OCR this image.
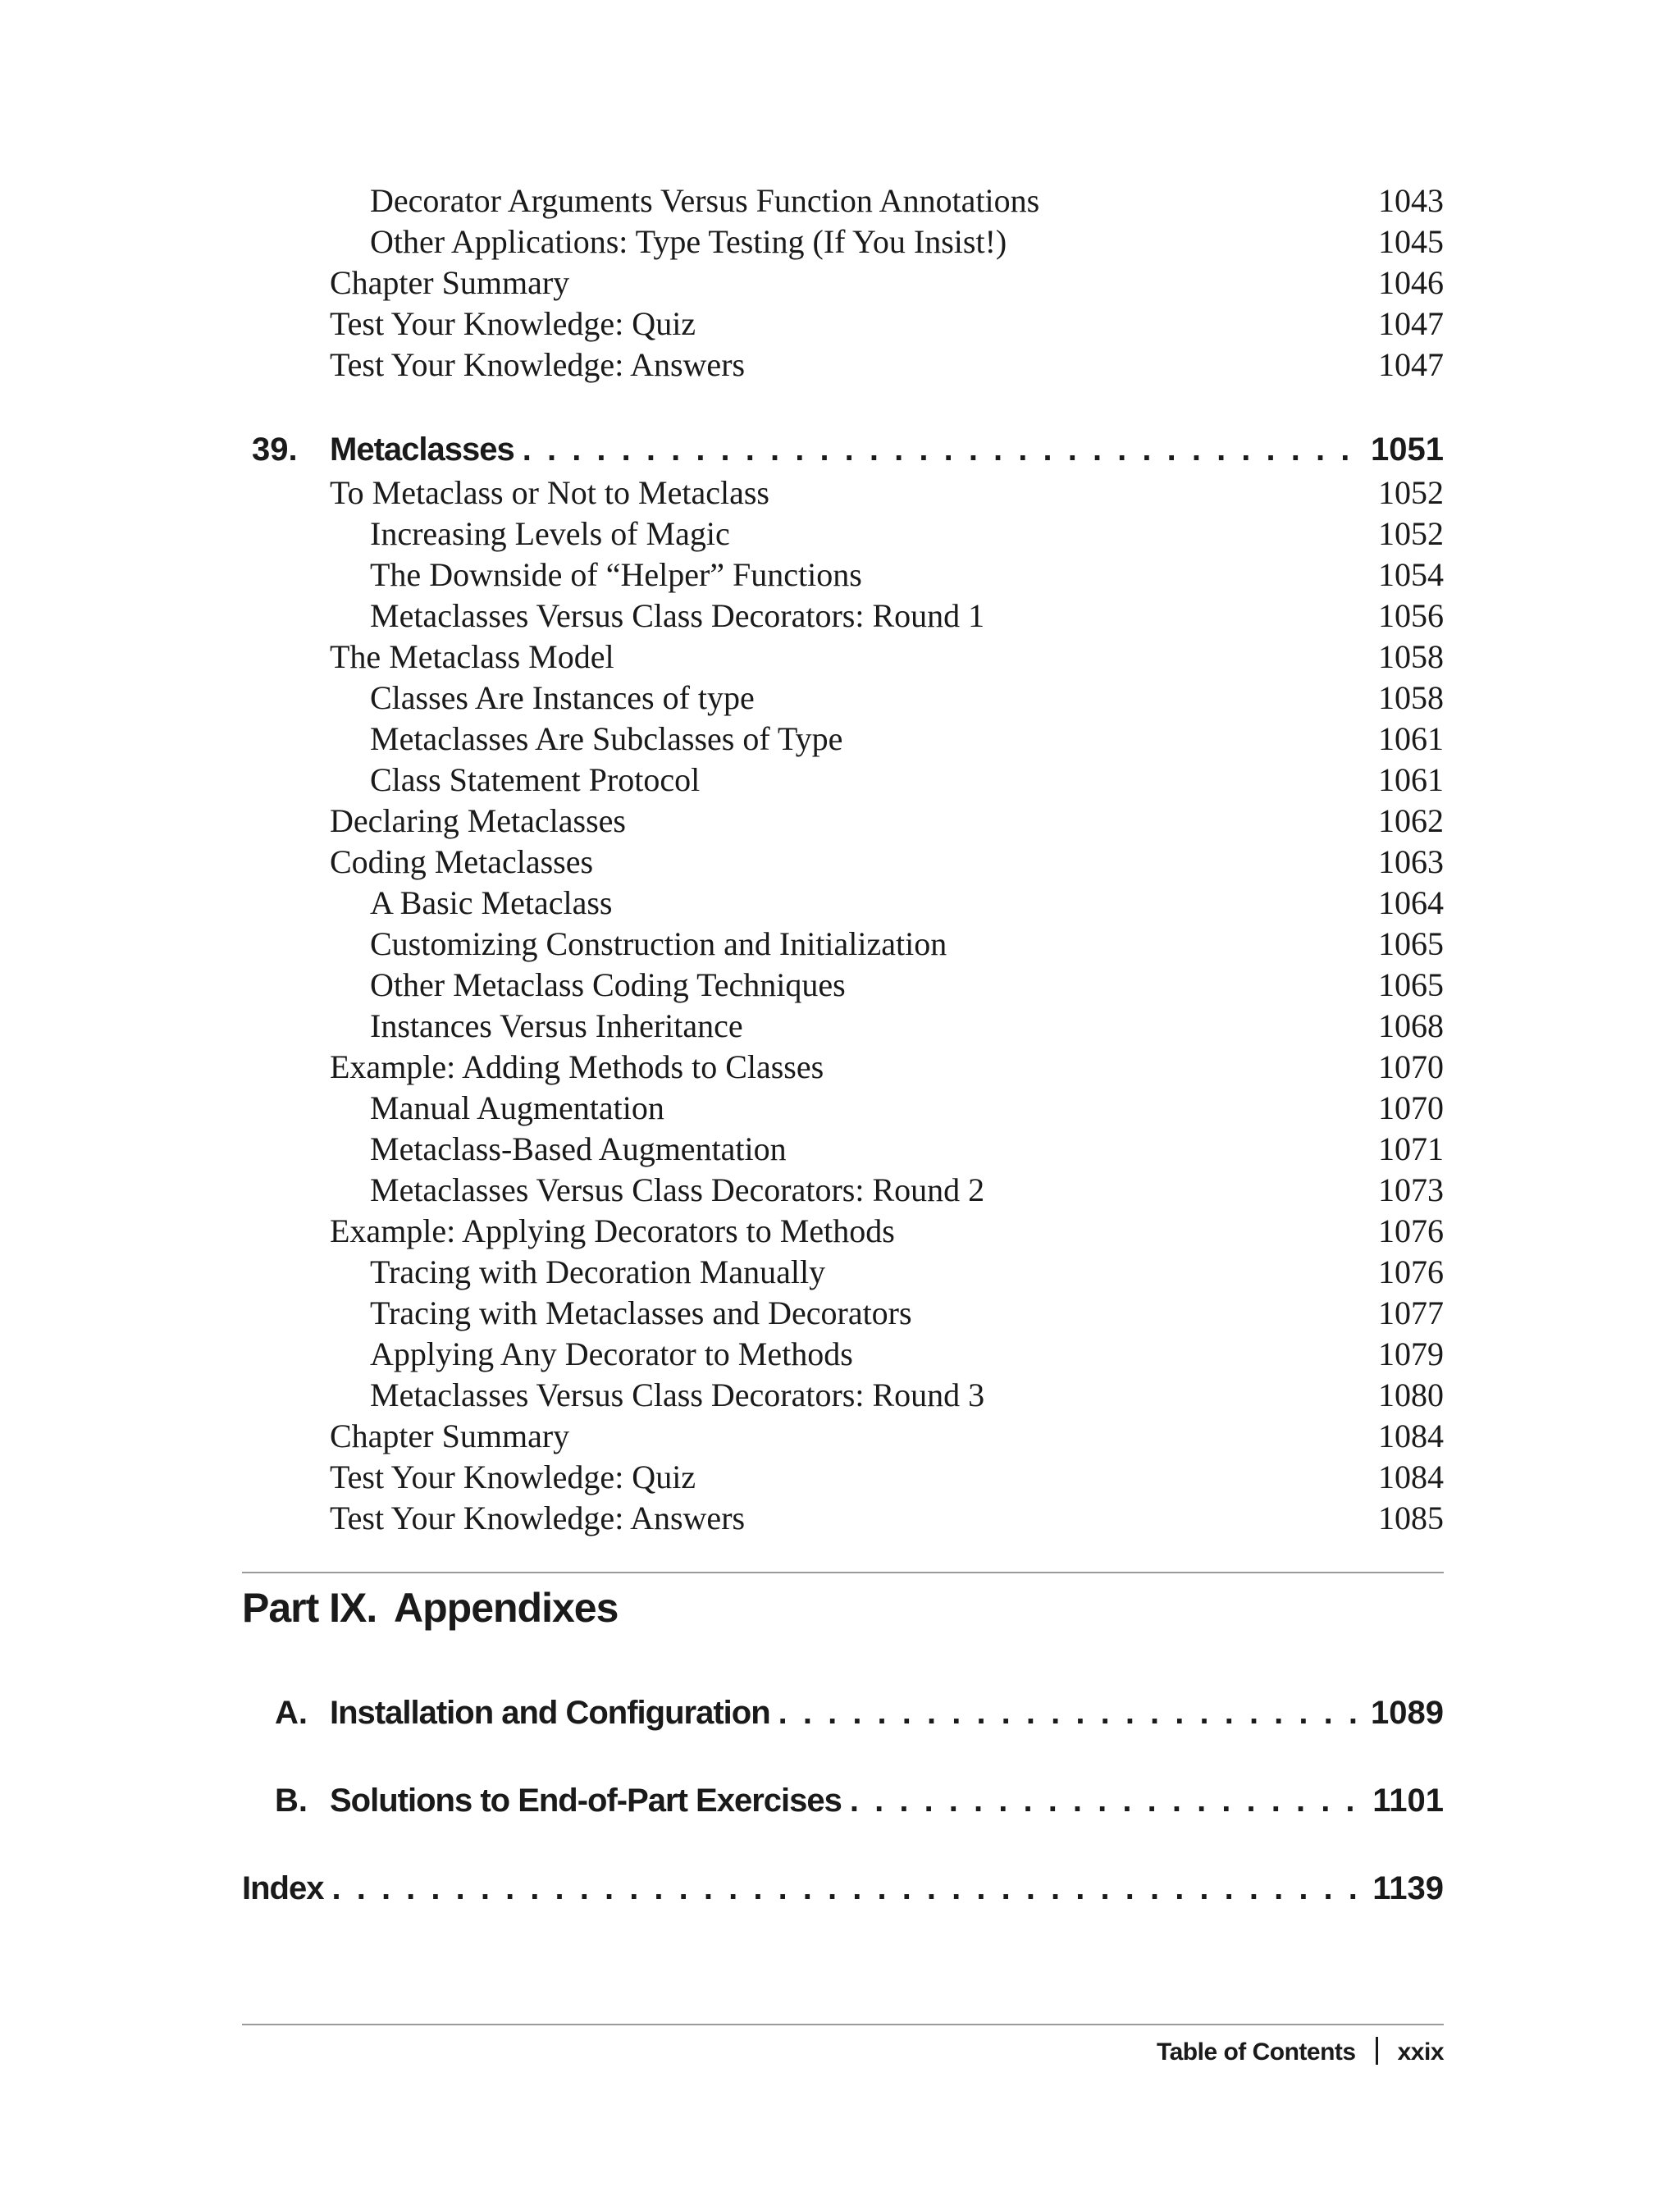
Decorator Arguments Versus Function Annotations	1043
Other Applications: Type Testing (If You Insist!)	1045
Chapter Summary	1046
Test Your Knowledge: Quiz	1047
Test Your Knowledge: Answers	1047
39. Metaclasses . . .	1051
To Metaclass or Not to Metaclass	1052
Increasing Levels of Magic	1052
The Downside of “Helper” Functions	1054
Metaclasses Versus Class Decorators: Round 1	1056
The Metaclass Model	1058
Classes Are Instances of type	1058
Metaclasses Are Subclasses of Type	1061
Class Statement Protocol	1061
Declaring Metaclasses	1062
Coding Metaclasses	1063
A Basic Metaclass	1064
Customizing Construction and Initialization	1065
Other Metaclass Coding Techniques	1065
Instances Versus Inheritance	1068
Example: Adding Methods to Classes	1070
Manual Augmentation	1070
Metaclass-Based Augmentation	1071
Metaclasses Versus Class Decorators: Round 2	1073
Example: Applying Decorators to Methods	1076
Tracing with Decoration Manually	1076
Tracing with Metaclasses and Decorators	1077
Applying Any Decorator to Methods	1079
Metaclasses Versus Class Decorators: Round 3	1080
Chapter Summary	1084
Test Your Knowledge: Quiz	1084
Test Your Knowledge: Answers	1085
Part IX. Appendixes
A. Installation and Configuration . . .	1089
B. Solutions to End-of-Part Exercises . . .	1101
Index . . .	1139
Table of Contents xxix
